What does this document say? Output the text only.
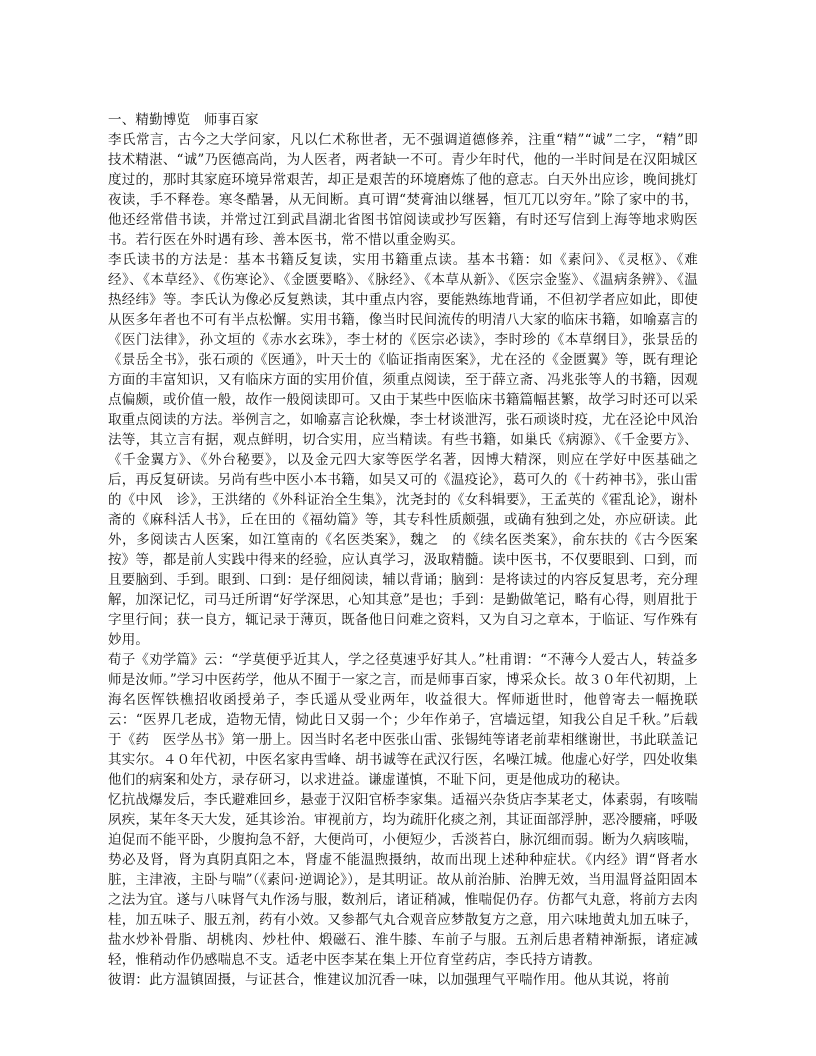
一、精勤博览　师事百家

李氏常言，古今之大学问家，凡以仁术称世者，无不强调道德修养，注重“精”“诚”二字，“精”即技术精湛、“诚”乃医德高尚，为人医者，两者缺一不可。青少年时代，他的一半时间是在汉阳城区度过的，那时其家庭环境异常艰苦，却正是艰苦的环境磨炼了他的意志。白天外出应诊，晚间挑灯夜读，手不释卷。寒冬酷暑，从无间断。真可谓“焚膏油以继晷，恒兀兀以穷年。”除了家中的书，他还经常借书读，并常过江到武昌湖北省图书馆阅读或抄写医籍，有时还写信到上海等地求购医书。若行医在外时遇有珍、善本医书，常不惜以重金购买。

李氏读书的方法是：基本书籍反复读，实用书籍重点读。基本书籍：如《素问》、《灵枢》、《难经》、《本草经》、《伤寒论》、《金匮要略》、《脉经》、《本草从新》、《医宗金鉴》、《温病条辨》、《温热经纬》等。李氏认为像必反复熟读，其中重点内容，要能熟练地背诵，不但初学者应如此，即使从医多年者也不可有半点松懈。实用书籍，像当时民间流传的明清八大家的临床书籍，如喻嘉言的《医门法律》，孙文垣的《赤水玄珠》，李士材的《医宗必读》，李时珍的《本草纲目》，张景岳的《景岳全书》，张石顽的《医通》，叶天士的《临证指南医案》，尤在泾的《金匮翼》等，既有理论方面的丰富知识，又有临床方面的实用价值，须重点阅读，至于薛立斋、冯兆张等人的书籍，因观点偏颇，或价值一般，故作一般阅读即可。又由于某些中医临床书籍篇幅甚繁，故学习时还可以采取重点阅读的方法。举例言之，如喻嘉言论秋燥，李士材谈泄泻，张石顽谈时疫，尤在泾论中风治法等，其立言有据，观点鲜明，切合实用，应当精读。有些书籍，如巢氏《病源》、《千金要方》、《千金翼方》、《外台秘要》，以及金元四大家等医学名著，因博大精深，则应在学好中医基础之后，再反复研读。另尚有些中医小本书籍，如吴又可的《温疫论》，葛可久的《十药神书》，张山雷的《中风　诊》，王洪绪的《外科证治全生集》，沈尧封的《女科辑要》，王孟英的《霍乱论》，谢朴斋的《麻科活人书》，丘在田的《福幼篇》等，其专科性质颇强，或确有独到之处，亦应研读。此外，多阅读古人医案，如江篁南的《名医类案》，魏之　的《续名医类案》，俞东扶的《古今医案按》等，都是前人实践中得来的经验，应认真学习，汲取精髓。读中医书，不仅要眼到、口到，而且要脑到、手到。眼到、口到：是仔细阅读，辅以背诵；脑到：是将读过的内容反复思考，充分理解，加深记忆，司马迁所谓“好学深思，心知其意”是也；手到：是勤做笔记，略有心得，则眉批于字里行间；获一良方，辄记录于薄页，既备他日问难之资料，又为自习之章本，于临证、写作殊有妙用。

荀子《劝学篇》云：“学莫便乎近其人，学之径莫速乎好其人。”杜甫谓：“不薄今人爱古人，转益多师是汝师。”学习中医药学，他从不囿于一家之言，而是师事百家，博采众长。故３０年代初期，上海名医恽铁樵招收函授弟子，李氏遥从受业两年，收益很大。恽师逝世时，他曾寄去一幅挽联云：“医界几老成，造物无情，恸此日又弱一个；少年作弟子，宫墙远望，知我公自足千秋。”后载于《药　医学丛书》第一册上。因当时名老中医张山雷、张锡纯等诸老前辈相继谢世，书此联盖记其实尔。４０年代初，中医名家冉雪峰、胡书诚等在武汉行医，名噪江城。他虚心好学，四处收集他们的病案和处方，录存研习，以求进益。谦虚谨慎，不耻下问，更是他成功的秘诀。

忆抗战爆发后，李氏避难回乡，悬壶于汉阳官桥李家集。适福兴杂货店李某老丈，体素弱，有咳喘夙疾，某年冬天大发，延其诊治。审视前方，均为疏肝化痰之剂，其证面部浮肿，恶冷腰痛，呼吸迫促而不能平卧，少腹拘急不舒，大便尚可，小便短少，舌淡苔白，脉沉细而弱。断为久病咳喘，势必及肾，肾为真阴真阳之本，肾虚不能温煦摄纳，故而出现上述种种症状。《内经》谓“肾者水脏，主津液，主卧与喘”（《素问·逆调论》），是其明证。故从前治肺、治脾无效，当用温肾益阳固本之法为宜。遂与八味肾气丸作汤与服，数剂后，诸证稍减，惟喘促仍存。仿都气丸意，将前方去肉桂，加五味子、服五剂，药有小效。又参都气丸合观音应梦散复方之意，用六味地黄丸加五味子，盐水炒补骨脂、胡桃肉、炒杜仲、煅磁石、淮牛膝、车前子与服。五剂后患者精神渐振，诸症减轻，惟稍动作仍感喘息不支。适老中医李某在集上开位育堂药店，李氏持方请教。

彼谓：此方温镇固摄，与证甚合，惟建议加沉香一味，以加强理气平喘作用。他从其说，将前
